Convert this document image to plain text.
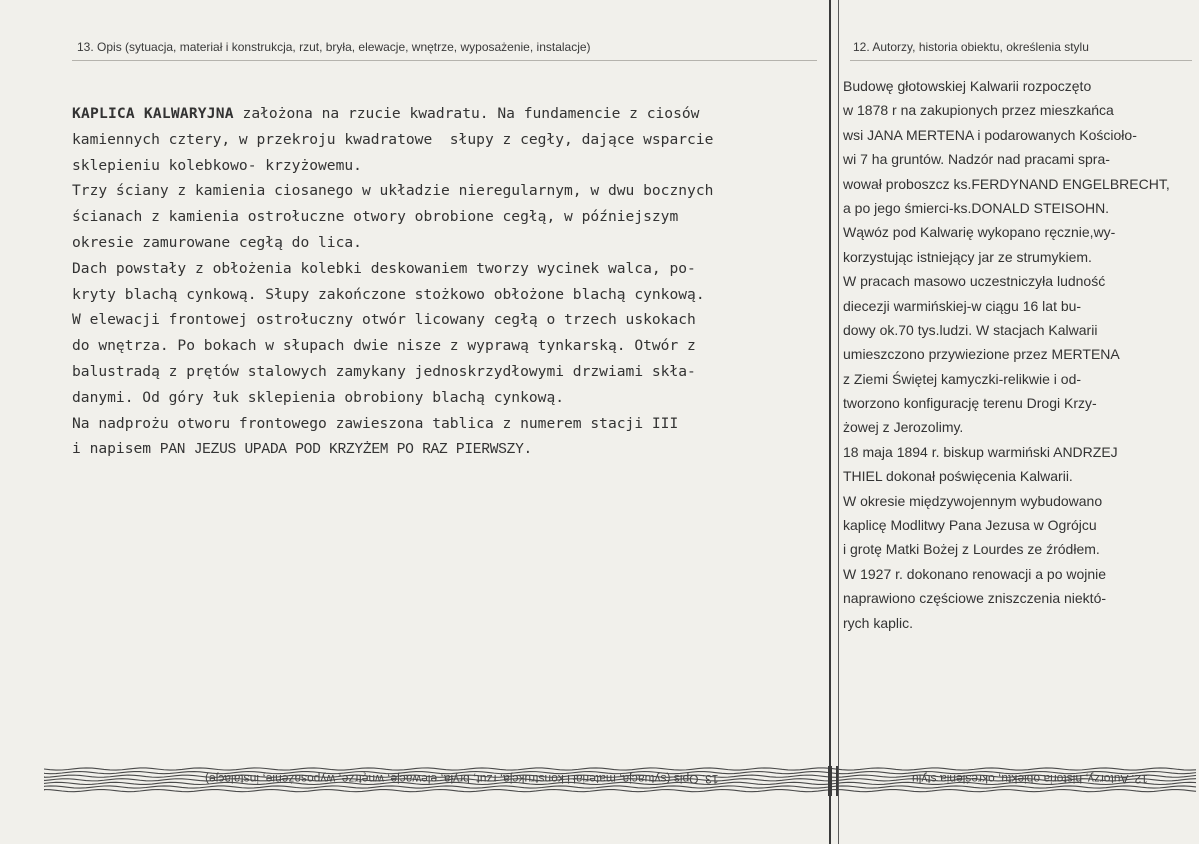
13. Opis (sytuacja, materiał i konstrukcja, rzut, bryła, elewacje, wnętrze, wyposażenie, instalacje)	12. Autorzy, historia obiektu, określenia stylu
KAPLICA KALWARYJNA założona na rzucie kwadratu. Na fundamencie z ciosów
kamiennych cztery, w przekroju kwadratowe  słupy z cegły, dające wsparcie
sklepieniu kolebkowo- krzyżowemu.
Trzy ściany z kamienia ciosanego w układzie nieregularnym, w dwu bocznych
ścianach z kamienia ostrołuczne otwory obrobione cegłą, w późniejszym
okresie zamurowane cegłą do lica.
Dach powstały z obłożenia kolebki deskowaniem tworzy wycinek walca, po-
kryty blachą cynkową. Słupy zakończone stożkowo obłożone blachą cynkową.
W elewacji frontowej ostrołuczny otwór licowany cegłą o trzech uskokach
do wnętrza. Po bokach w słupach dwie nisze z wyprawą tynkarską. Otwór z
balustradą z prętów stalowych zamykany jednoskrzydłowymi drzwiami skła-
danymi. Od góry łuk sklepienia obrobiony blachą cynkową.
Na nadprożu otworu frontowego zawieszona tablica z numerem stacji III
i napisem PAN JEZUS UPADA POD KRZYŻEM PO RAZ PIERWSZY.
Budowę głotowskiej Kalwarii rozpoczęto
w 1878 r na zakupionych przez mieszkańca
wsi JANA MERTENA i podarowanych Kościoło-
wi 7 ha gruntów. Nadzór nad pracami spra-
wował proboszcz ks.FERDYNAND ENGELBRECHT,
a po jego śmierci-ks.DONALD STEISOHN.
Wąwóz pod Kalwarię wykopano ręcznie,wy-
korzystując istniejący jar ze strumykiem.
W pracach masowo uczestniczyła ludność
diecezji warmińskiej-w ciągu 16 lat bu-
dowy ok.70 tys.ludzi. W stacjach Kalwarii
umieszczono przywiezione przez MERTENA
z Ziemi Świętej kamyczki-relikwie i od-
tworzono konfigurację terenu Drogi Krzy-
żowej z Jerozolimy.
18 maja 1894 r. biskup warmiński ANDRZEJ
THIEL dokonał poświęcenia Kalwarii.
W okresie międzywojennym wybudowano
kaplicę Modlitwy Pana Jezusa w Ogrójcu
i grotę Matki Bożej z Lourdes ze źródłem.
W 1927 r. dokonano renowacji a po wojnie
naprawiono częściowe zniszczenia niektó-
rych kaplic.
13. Opis (sytuacja, materiał i konstrukcja, rzut, bryła, elewacje, wnętrze, wyposażenie, instalacje)	12. Autorzy, historia obiektu, określenia stylu
